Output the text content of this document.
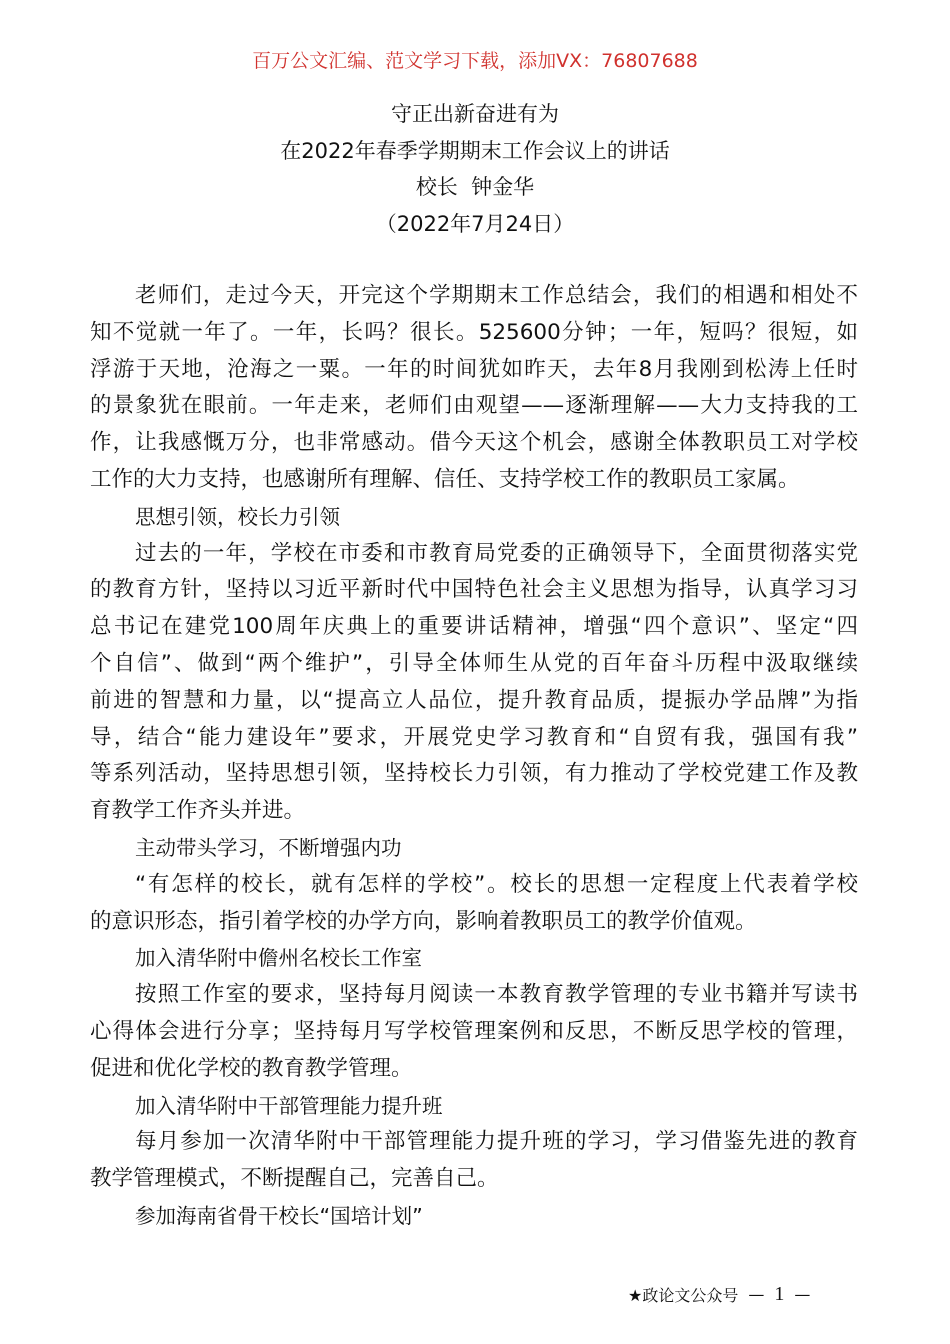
百万公文汇编、范文学习下载，添加VX：76807688
守正出新奋进有为
在2022年春季学期期末工作会议上的讲话
校长  钟金华
（2022年7月24日）
老师们，走过今天，开完这个学期期末工作总结会，我们的相遇和相处不
知不觉就一年了。一年，长吗？很长。525600分钟；一年，短吗？很短，如
浮游于天地，沧海之一粟。一年的时间犹如昨天，去年8月我刚到松涛上任时
的景象犹在眼前。一年走来，老师们由观望——逐渐理解——大力支持我的工
作，让我感慨万分，也非常感动。借今天这个机会，感谢全体教职员工对学校
工作的大力支持，也感谢所有理解、信任、支持学校工作的教职员工家属。
思想引领，校长力引领
过去的一年，学校在市委和市教育局党委的正确领导下，全面贯彻落实党
的教育方针，坚持以习近平新时代中国特色社会主义思想为指导，认真学习习
总书记在建党100周年庆典上的重要讲话精神，增强“四个意识”、坚定“四
个自信”、做到“两个维护”，引导全体师生从党的百年奋斗历程中汲取继续
前进的智慧和力量，以“提高立人品位，提升教育品质，提振办学品牌”为指
导，结合“能力建设年”要求，开展党史学习教育和“自贸有我，强国有我”
等系列活动，坚持思想引领，坚持校长力引领，有力推动了学校党建工作及教
育教学工作齐头并进。
主动带头学习，不断增强内功
“有怎样的校长，就有怎样的学校”。校长的思想一定程度上代表着学校
的意识形态，指引着学校的办学方向，影响着教职员工的教学价值观。
加入清华附中儋州名校长工作室
按照工作室的要求，坚持每月阅读一本教育教学管理的专业书籍并写读书
心得体会进行分享；坚持每月写学校管理案例和反思，不断反思学校的管理，
促进和优化学校的教育教学管理。
加入清华附中干部管理能力提升班
每月参加一次清华附中干部管理能力提升班的学习，学习借鉴先进的教育
教学管理模式，不断提醒自己，完善自己。
参加海南省骨干校长“国培计划”
★政论文公众号 — 1 —
